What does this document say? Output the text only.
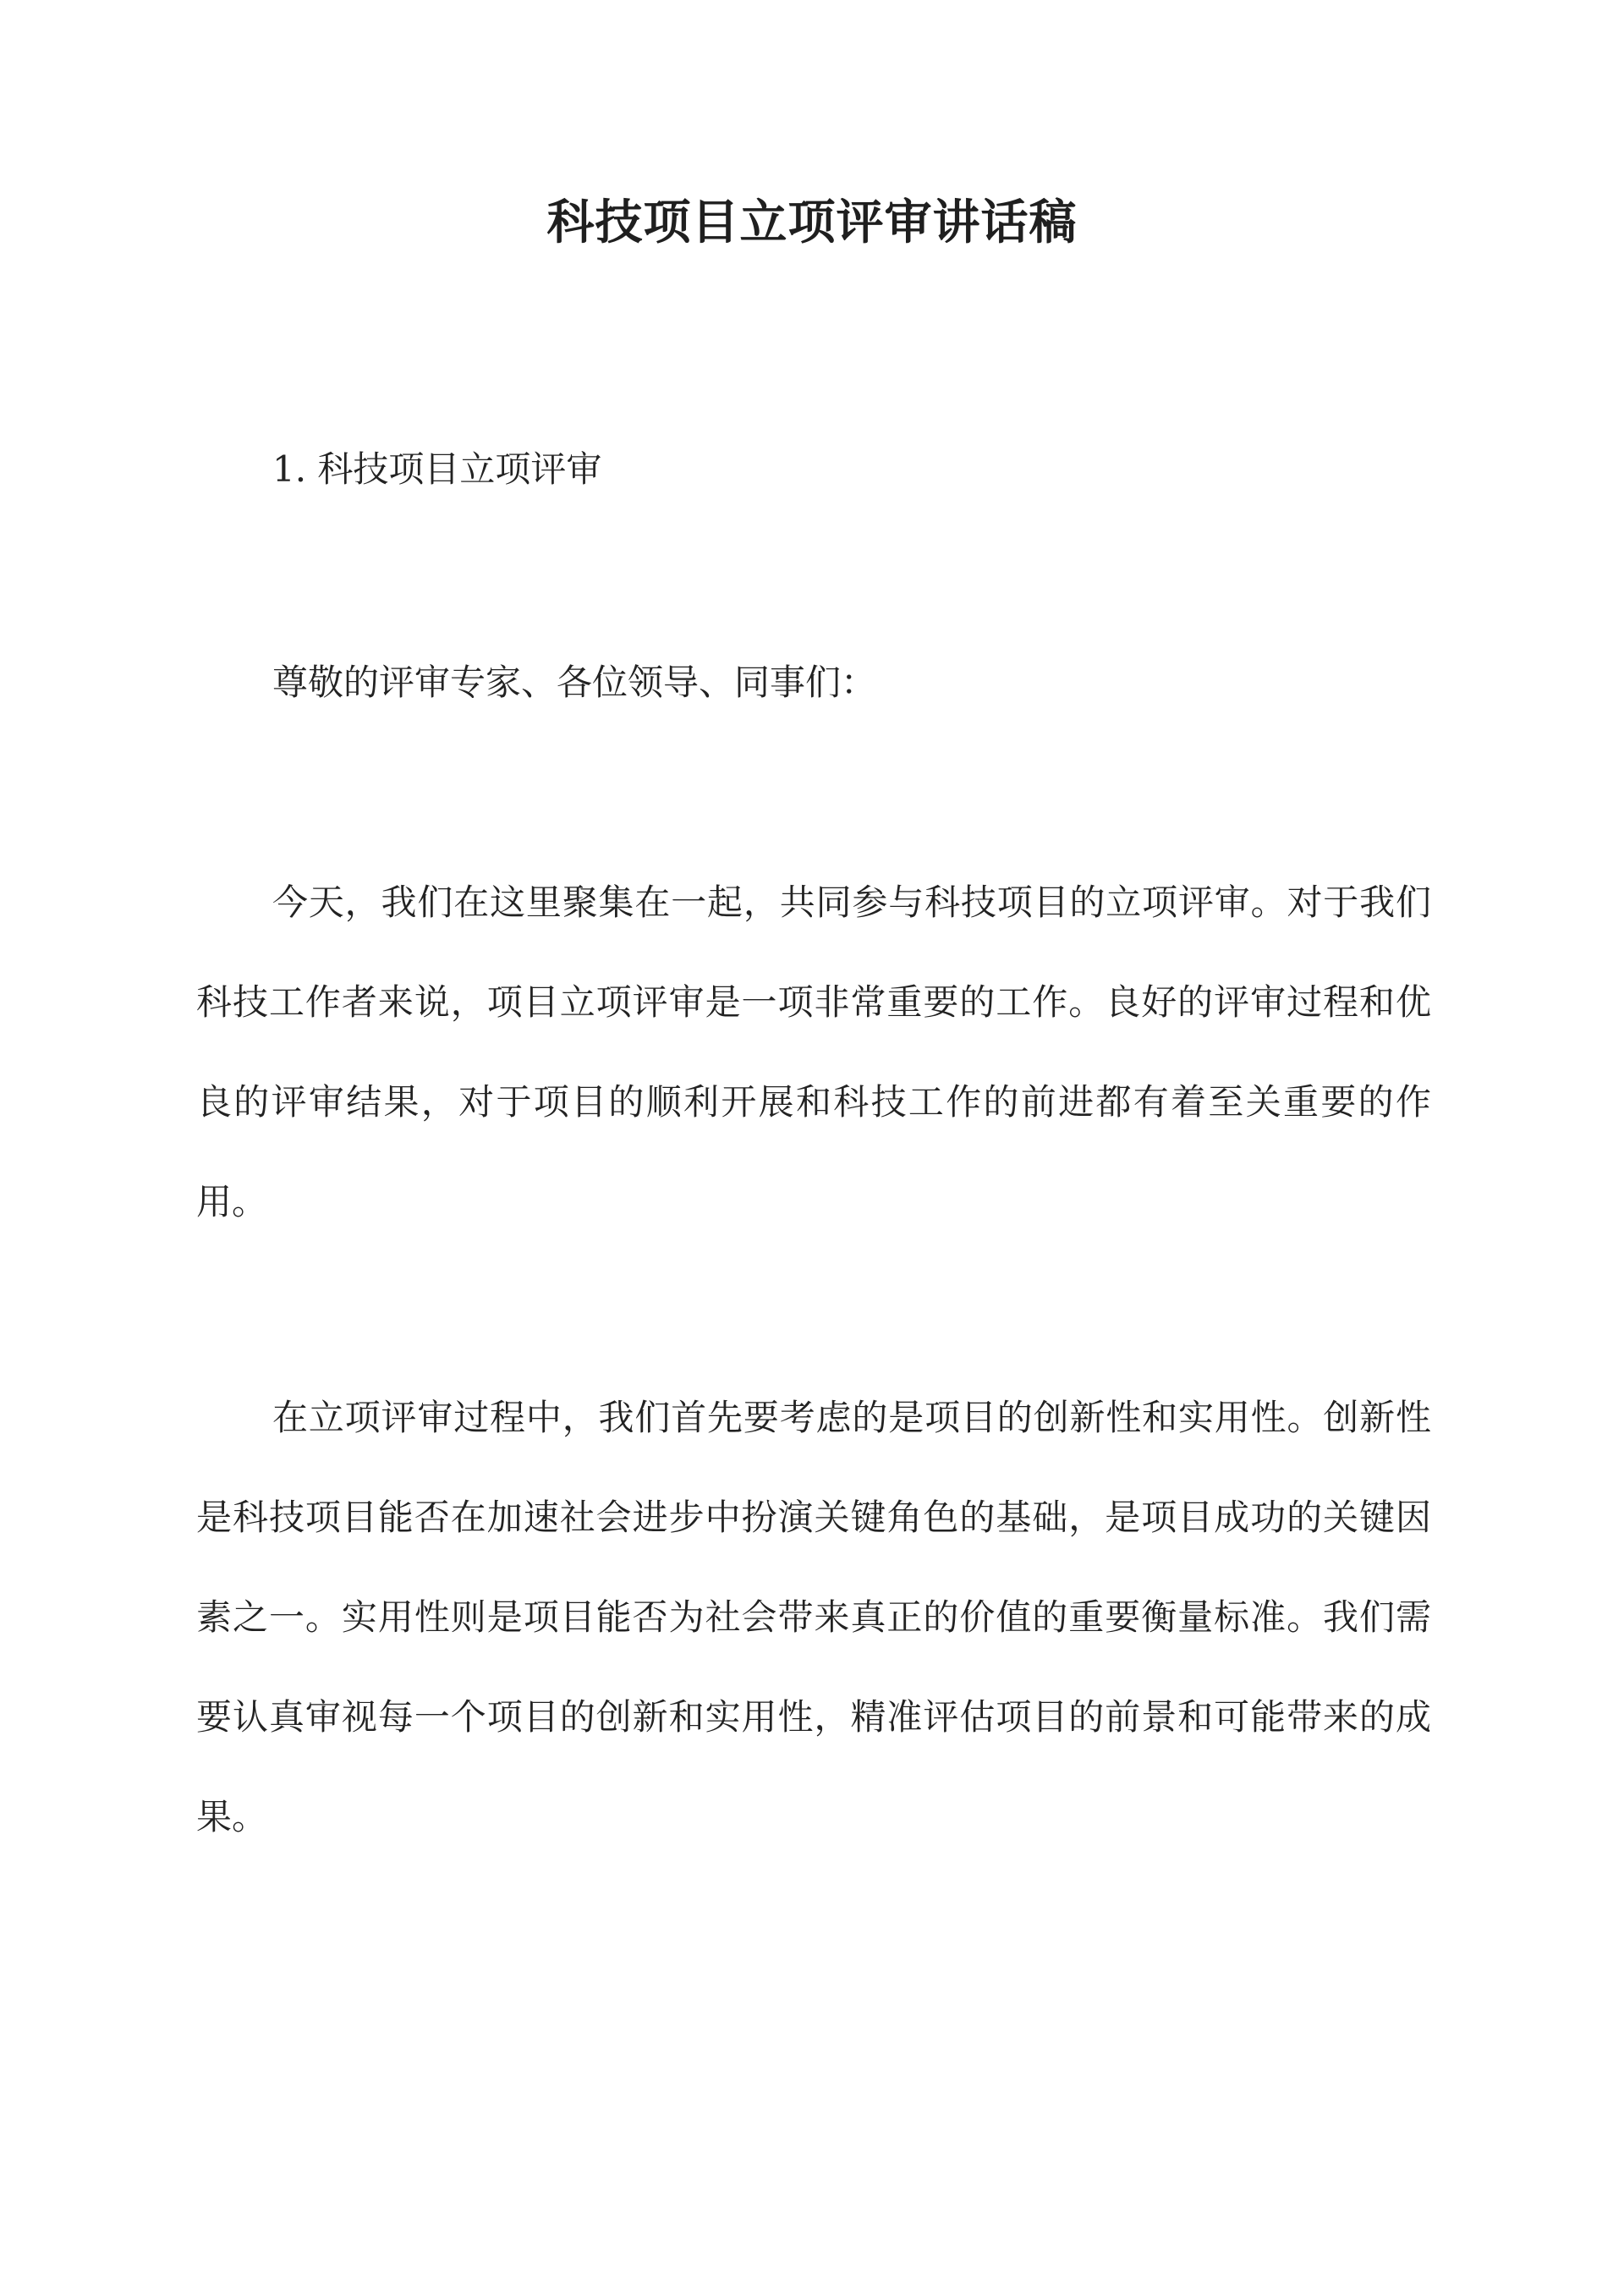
科技项目立项评审讲话稿

1. 科技项目立项评审

尊敬的评审专家、各位领导、同事们：

今天，我们在这里聚集在一起，共同参与科技项目的立项评审。对于我们科技工作者来说，项目立项评审是一项非常重要的工作。良好的评审过程和优良的评审结果，对于项目的顺利开展和科技工作的前进都有着至关重要的作用。

在立项评审过程中，我们首先要考虑的是项目的创新性和实用性。创新性是科技项目能否在加速社会进步中扮演关键角色的基础，是项目成功的关键因素之一。实用性则是项目能否为社会带来真正的价值的重要衡量标准。我们需要认真审视每一个项目的创新和实用性，精准评估项目的前景和可能带来的成果。
